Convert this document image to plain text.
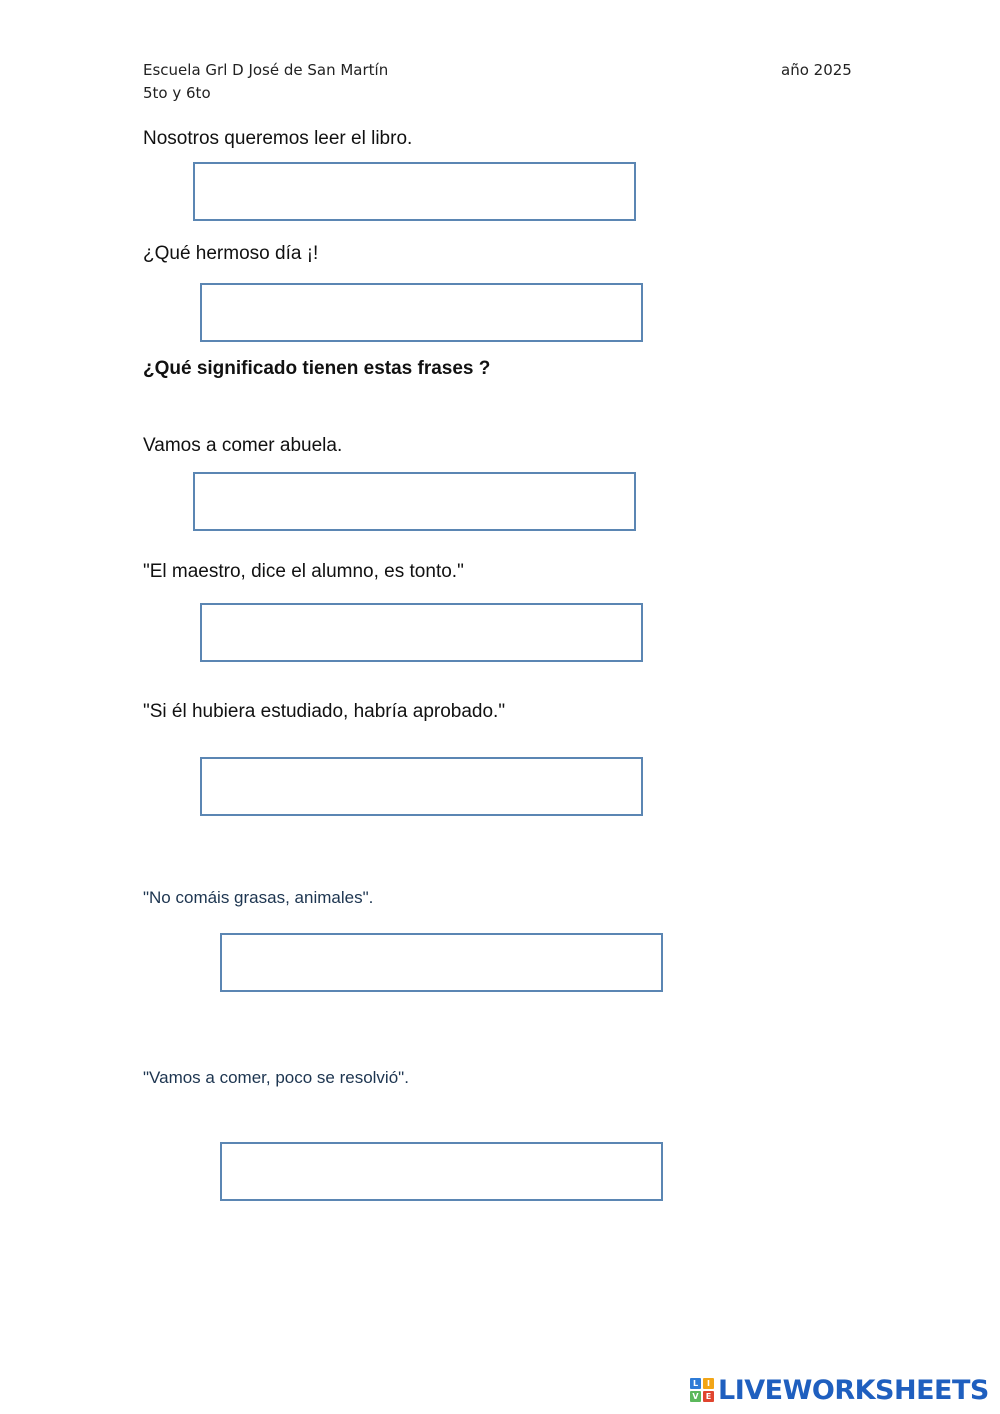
Escuela Grl D José de San Martín
5to y 6to
año 2025
Nosotros queremos leer el libro.
¿Qué hermoso día ¡!
¿Qué significado tienen estas frases ?
Vamos a comer abuela.
"El maestro, dice el alumno, es tonto."
"Si él hubiera estudiado, habría aprobado."
"No comáis grasas, animales".
"Vamos a comer, poco se resolvió".
L	I
V E LIVEWORKSHEETS
